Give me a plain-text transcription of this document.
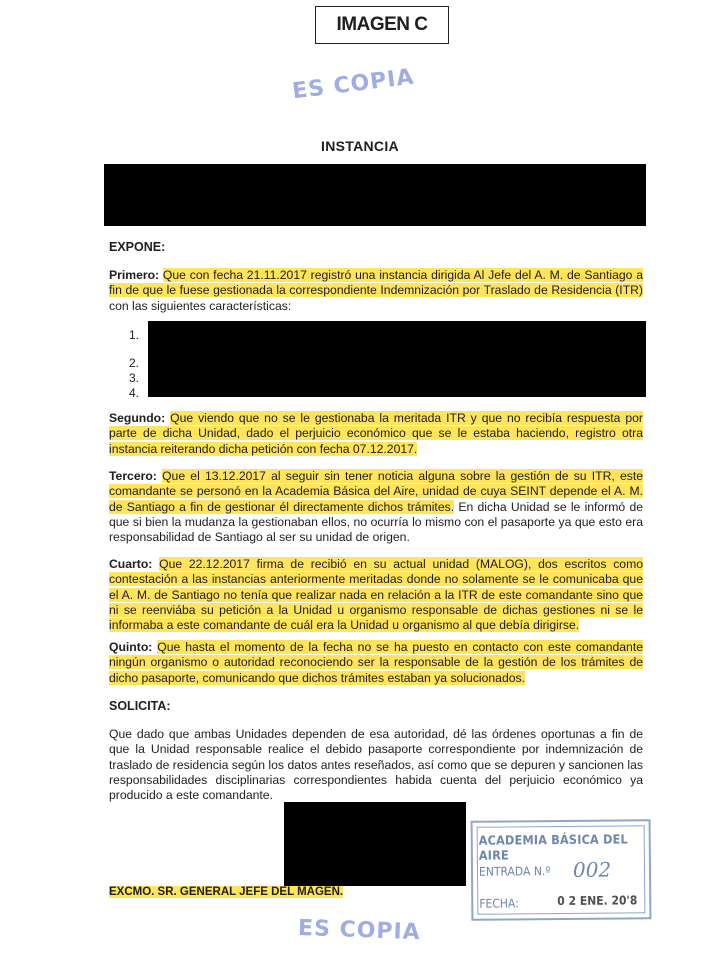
IMAGEN C
ES COPIA
INSTANCIA
EXPONE:
Primero: Que con fecha 21.11.2017 registró una instancia dirigida Al Jefe del A. M. de Santiago a fin de que le fuese gestionada la correspondiente Indemnización por Traslado de Residencia (ITR) con las siguientes características:
1.
2.
3.
4.
Segundo: Que viendo que no se le gestionaba la meritada ITR y que no recibía respuesta por parte de dicha Unidad, dado el perjuicio económico que se le estaba haciendo, registro otra instancia reiterando dicha petición con fecha 07.12.2017.
Tercero: Que el 13.12.2017 al seguir sin tener noticia alguna sobre la gestión de su ITR, este comandante se personó en la Academia Básica del Aire, unidad de cuya SEINT depende el A. M. de Santiago a fin de gestionar él directamente dichos trámites. En dicha Unidad se le informó de que si bien la mudanza la gestionaban ellos, no ocurría lo mismo con el pasaporte ya que esto era responsabilidad de Santiago al ser su unidad de origen.
Cuarto: Que 22.12.2017 firma de recibió en su actual unidad (MALOG), dos escritos como contestación a las instancias anteriormente meritadas donde no solamente se le comunicaba que el A. M. de Santiago no tenía que realizar nada en relación a la ITR de este comandante sino que ni se reenviába su petición a la Unidad u organismo responsable de dichas gestiones ni se le informaba a este comandante de cuál era la Unidad u organismo al que debía dirigirse.
Quinto: Que hasta el momento de la fecha no se ha puesto en contacto con este comandante ningún organismo o autoridad reconociendo ser la responsable de la gestión de los trámites de dicho pasaporte, comunicando que dichos trámites estaban ya solucionados.
SOLICITA:
Que dado que ambas Unidades dependen de esa autoridad, dé las órdenes oportunas a fin de que la Unidad responsable realice el debido pasaporte correspondiente por indemnización de traslado de residencia según los datos antes reseñados, así como que se depuren y sancionen las responsabilidades disciplinarias correspondientes habida cuenta del perjuicio económico ya producido a este comandante.
EXCMO. SR. GENERAL JEFE DEL MAGEN.
ES COPIA
ACADEMIA BÁSICA DEL AIRE
ENTRADA N.º 002
FECHA:	0 2 ENE. 20'8
